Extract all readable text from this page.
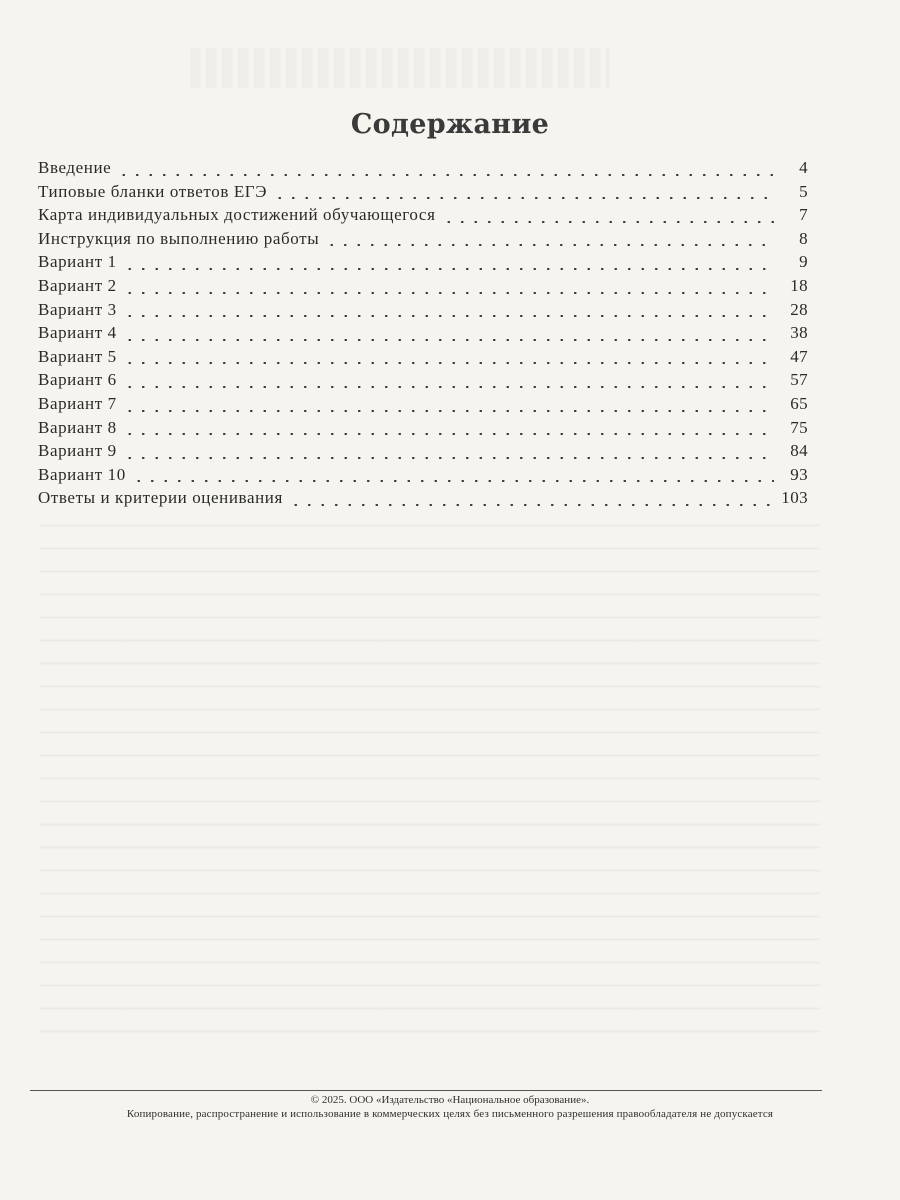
Содержание
Введение	4
Типовые бланки ответов ЕГЭ	5
Карта индивидуальных достижений обучающегося	7
Инструкция по выполнению работы	8
Вариант 1	9
Вариант 2	18
Вариант 3	28
Вариант 4	38
Вариант 5	47
Вариант 6	57
Вариант 7	65
Вариант 8	75
Вариант 9	84
Вариант 10	93
Ответы и критерии оценивания	103
© 2025. ООО «Издательство «Национальное образование».
Копирование, распространение и использование в коммерческих целях без письменного разрешения правообладателя не допускается
